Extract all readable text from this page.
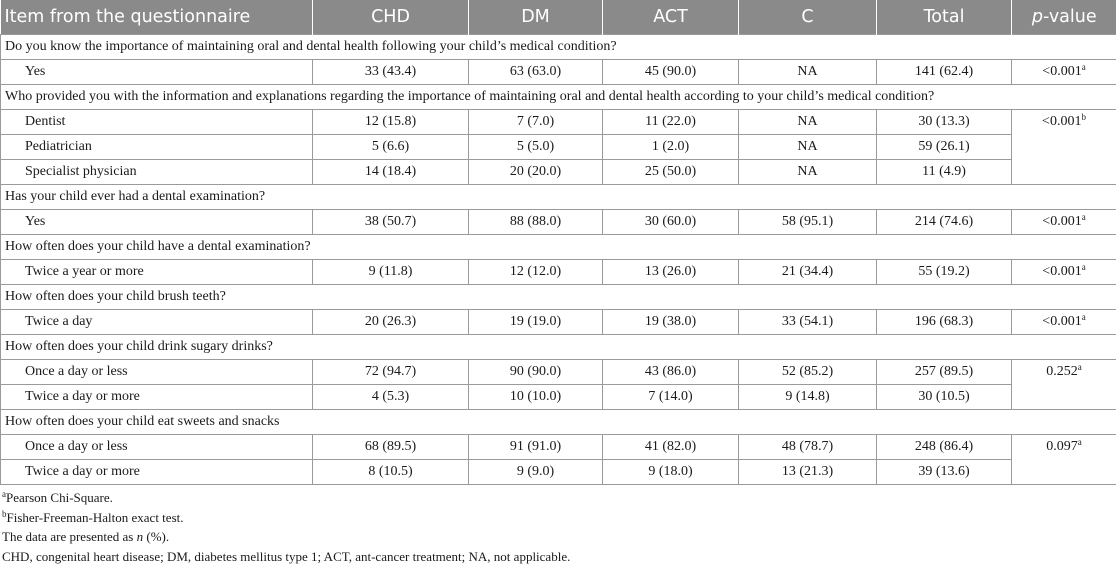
Item from the questionnaire	CHD	DM	ACT	C	Total	p-value
Do you know the importance of maintaining oral and dental health following your child’s medical condition?						
Yes	33 (43.4)	63 (63.0)	45 (90.0)	NA	141 (62.4)	<0.001$^a$
Who provided you with the information and explanations regarding the importance of maintaining oral and dental health according to your child’s medical condition?						
Dentist	12 (15.8)	7 (7.0)	11 (22.0)	NA	30 (13.3)	<0.001$^b$
Pediatrician	5 (6.6)	5 (5.0)	1 (2.0)	NA	59 (26.1)	
Specialist physician	14 (18.4)	20 (20.0)	25 (50.0)	NA	11 (4.9)	
Has your child ever had a dental examination?						
Yes	38 (50.7)	88 (88.0)	30 (60.0)	58 (95.1)	214 (74.6)	<0.001$^a$
How often does your child have a dental examination?						
Twice a year or more	9 (11.8)	12 (12.0)	13 (26.0)	21 (34.4)	55 (19.2)	<0.001$^a$
How often does your child brush teeth?						
Twice a day	20 (26.3)	19 (19.0)	19 (38.0)	33 (54.1)	196 (68.3)	<0.001$^a$
How often does your child drink sugary drinks?						
Once a day or less	72 (94.7)	90 (90.0)	43 (86.0)	52 (85.2)	257 (89.5)	0.252$^a$
Twice a day or more	4 (5.3)	10 (10.0)	7 (14.0)	9 (14.8)	30 (10.5)	
How often does your child eat sweets and snacks						
Once a day or less	68 (89.5)	91 (91.0)	41 (82.0)	48 (78.7)	248 (86.4)	0.097$^a$
Twice a day or more	8 (10.5)	9 (9.0)	9 (18.0)	13 (21.3)	39 (13.6)	
$^a$Pearson Chi-Square.
$^b$Fisher-Freeman-Halton exact test.
The data are presented as n (%).
CHD, congenital heart disease; DM, diabetes mellitus type 1; ACT, ant-cancer treatment; NA, not applicable.
